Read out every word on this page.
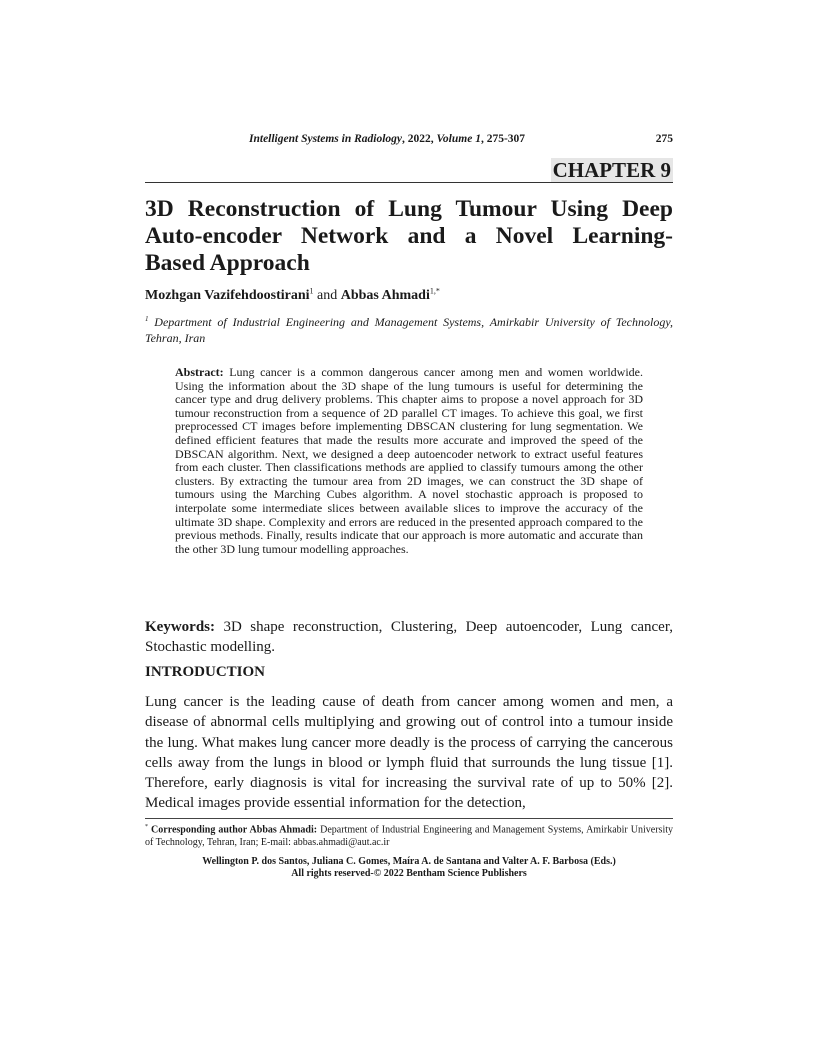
Intelligent Systems in Radiology, 2022, Volume 1, 275-307	275
CHAPTER 9
3D Reconstruction of Lung Tumour Using Deep
Auto-encoder Network and a Novel Learning-
Based Approach
Mozhgan Vazifehdoostirani$^1$ and Abbas Ahmadi$^{1,*}$
$^1$ Department of Industrial Engineering and Management Systems, Amirkabir University of Technology, Tehran, Iran
Abstract: Lung cancer is a common dangerous cancer among men and women worldwide. Using the information about the 3D shape of the lung tumours is useful for determining the cancer type and drug delivery problems. This chapter aims to propose a novel approach for 3D tumour reconstruction from a sequence of 2D parallel CT images. To achieve this goal, we first preprocessed CT images before implementing DBSCAN clustering for lung segmentation. We defined efficient features that made the results more accurate and improved the speed of the DBSCAN algorithm. Next, we designed a deep autoencoder network to extract useful features from each cluster. Then classifications methods are applied to classify tumours among the other clusters. By extracting the tumour area from 2D images, we can construct the 3D shape of tumours using the Marching Cubes algorithm. A novel stochastic approach is proposed to interpolate some intermediate slices between available slices to improve the accuracy of the ultimate 3D shape. Complexity and errors are reduced in the presented approach compared to the previous methods. Finally, results indicate that our approach is more automatic and accurate than the other 3D lung tumour modelling approaches.
Keywords: 3D shape reconstruction, Clustering, Deep autoencoder, Lung cancer, Stochastic modelling.
INTRODUCTION
Lung cancer is the leading cause of death from cancer among women and men, a disease of abnormal cells multiplying and growing out of control into a tumour inside the lung. What makes lung cancer more deadly is the process of carrying the cancerous cells away from the lungs in blood or lymph fluid that surrounds the lung tissue [1]. Therefore, early diagnosis is vital for increasing the survival rate of up to 50% [2]. Medical images provide essential information for the detection,
* Corresponding author Abbas Ahmadi: Department of Industrial Engineering and Management Systems, Amirkabir University of Technology, Tehran, Iran; E-mail: abbas.ahmadi@aut.ac.ir
Wellington P. dos Santos, Juliana C. Gomes, Maíra A. de Santana and Valter A. F. Barbosa (Eds.)
All rights reserved-© 2022 Bentham Science Publishers
